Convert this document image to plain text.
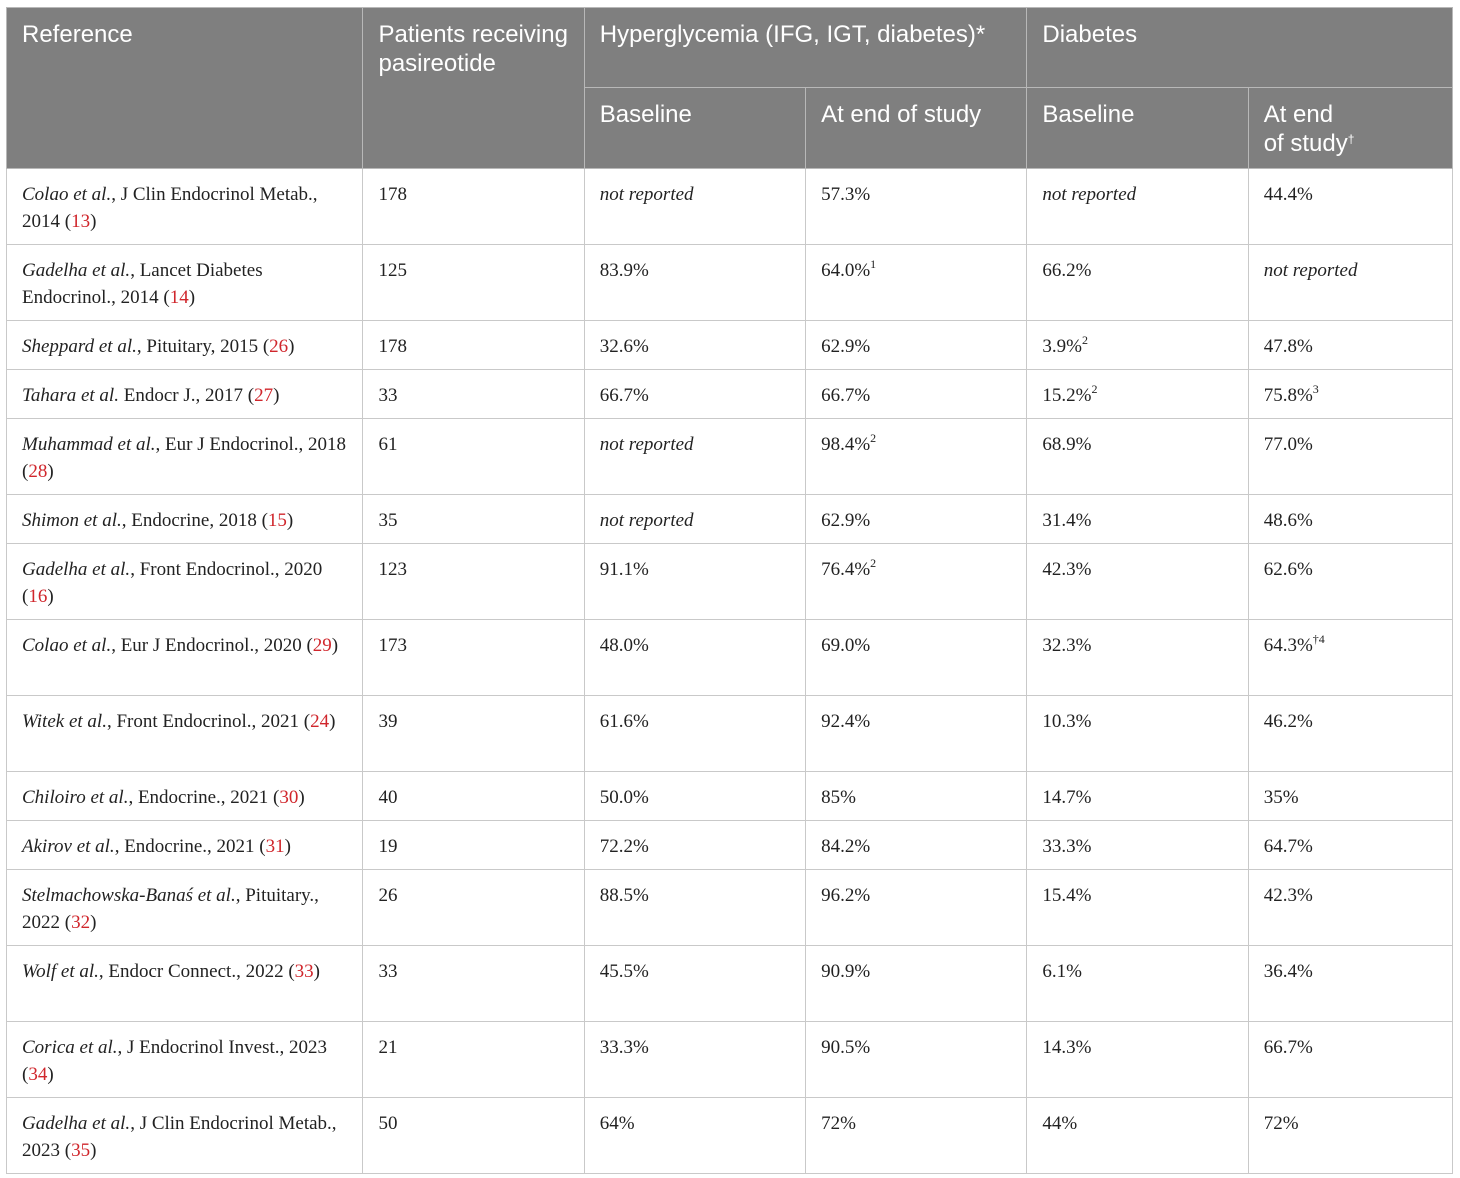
Reference	Patients receiving pasireotide	Hyperglycemia (IFG, IGT, diabetes)*		Diabetes	
		Baseline	At end of study	Baseline	At end
of study†
Colao et al., J Clin Endocrinol Metab., 2014 (13)	178	not reported	57.3%	not reported	44.4%
Gadelha et al., Lancet Diabetes Endocrinol., 2014 (14)	125	83.9%	64.0%$^1$	66.2%	not reported
Sheppard et al., Pituitary, 2015 (26)	178	32.6%	62.9%	3.9%$^2$	47.8%
Tahara et al. Endocr J., 2017 (27)	33	66.7%	66.7%	15.2%$^2$	75.8%$^3$
Muhammad et al., Eur J Endocrinol., 2018 (28)	61	not reported	98.4%$^2$	68.9%	77.0%
Shimon et al., Endocrine, 2018 (15)	35	not reported	62.9%	31.4%	48.6%
Gadelha et al., Front Endocrinol., 2020 (16)	123	91.1%	76.4%$^2$	42.3%	62.6%
Colao et al., Eur J Endocrinol., 2020 (29)	173	48.0%	69.0%	32.3%	64.3%$^{\dagger 4}$
Witek et al., Front Endocrinol., 2021 (24)	39	61.6%	92.4%	10.3%	46.2%
Chiloiro et al., Endocrine., 2021 (30)	40	50.0%	85%	14.7%	35%
Akirov et al., Endocrine., 2021 (31)	19	72.2%	84.2%	33.3%	64.7%
Stelmachowska-Banaś et al., Pituitary., 2022 (32)	26	88.5%	96.2%	15.4%	42.3%
Wolf et al., Endocr Connect., 2022 (33)	33	45.5%	90.9%	6.1%	36.4%
Corica et al., J Endocrinol Invest., 2023 (34)	21	33.3%	90.5%	14.3%	66.7%
Gadelha et al., J Clin Endocrinol Metab., 2023 (35)	50	64%	72%	44%	72%
